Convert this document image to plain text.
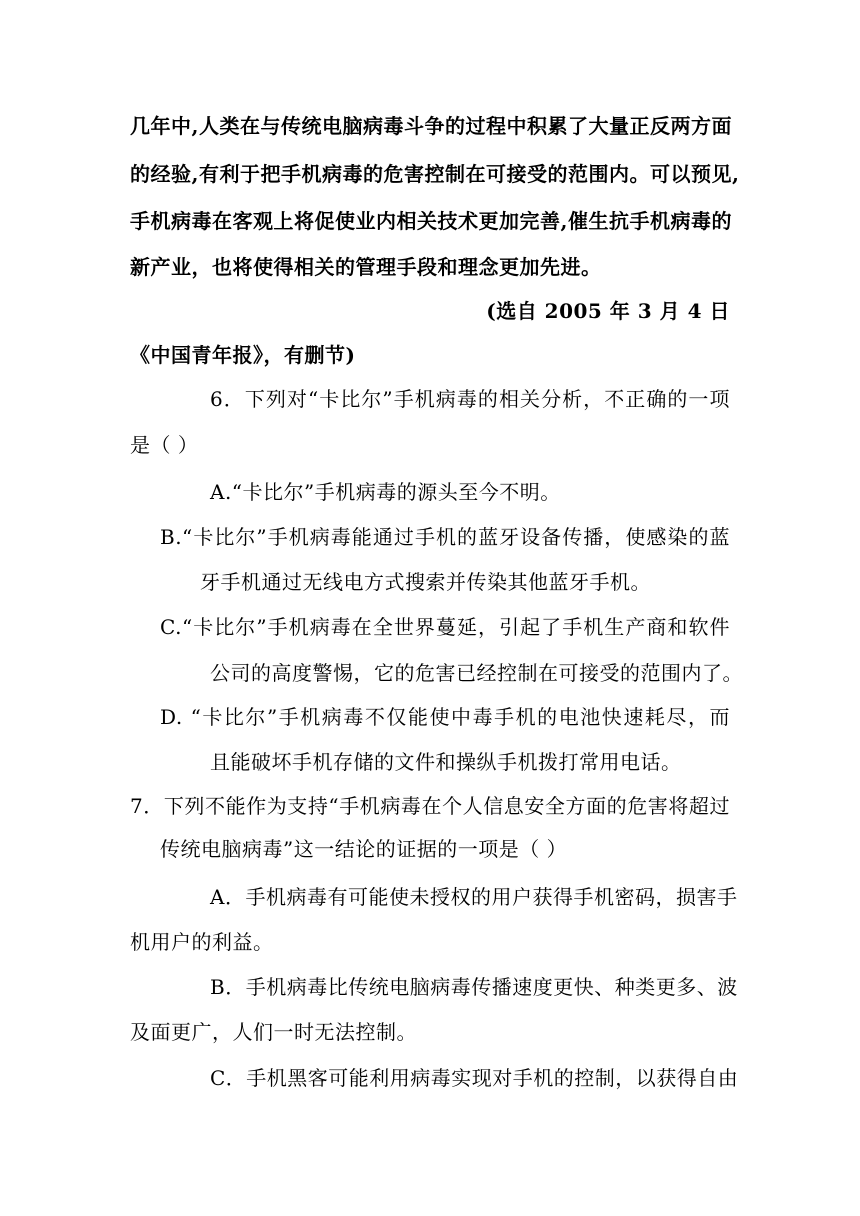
几年中,人类在与传统电脑病毒斗争的过程中积累了大量正反两方面

的经验,有利于把手机病毒的危害控制在可接受的范围内。可以预见,

手机病毒在客观上将促使业内相关技术更加完善,催生抗手机病毒的

新产业，也将使得相关的管理手段和理念更加先进。

(选自 2005 年 3 月 4 日

《中国青年报》，有删节)

6．下列对“卡比尔”手机病毒的相关分析，不正确的一项

是（ ）

A.“卡比尔”手机病毒的源头至今不明。

B.“卡比尔”手机病毒能通过手机的蓝牙设备传播，使感染的蓝

牙手机通过无线电方式搜索并传染其他蓝牙手机。

C.“卡比尔”手机病毒在全世界蔓延，引起了手机生产商和软件

公司的高度警惕，它的危害已经控制在可接受的范围内了。

D. “卡比尔”手机病毒不仅能使中毒手机的电池快速耗尽，而

且能破坏手机存储的文件和操纵手机拨打常用电话。

7．下列不能作为支持“手机病毒在个人信息安全方面的危害将超过

传统电脑病毒”这一结论的证据的一项是（ ）

A．手机病毒有可能使未授权的用户获得手机密码，损害手

机用户的利益。

B．手机病毒比传统电脑病毒传播速度更快、种类更多、波

及面更广，人们一时无法控制。

C．手机黑客可能利用病毒实现对手机的控制，以获得自由
